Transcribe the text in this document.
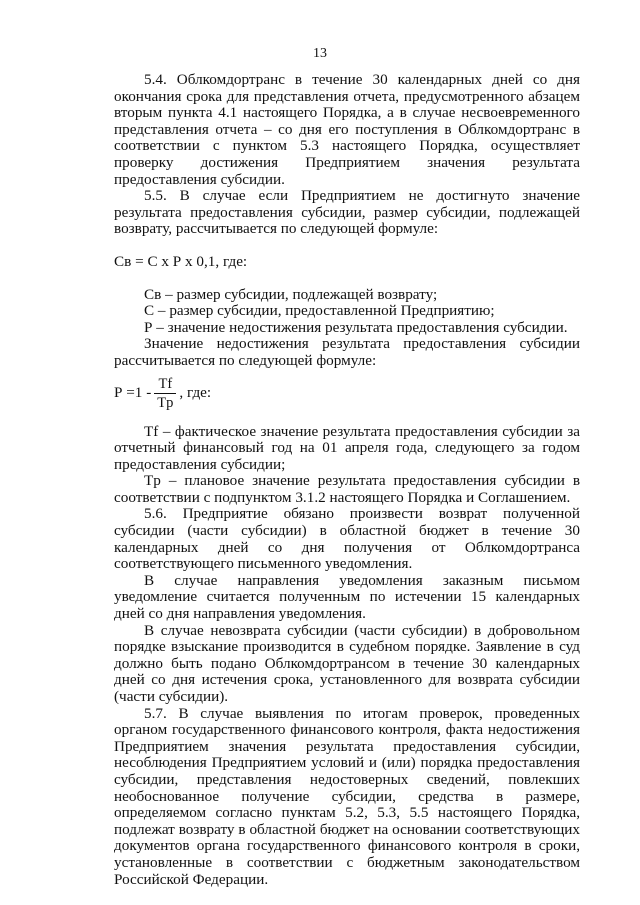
13

5.4. Облкомдортранс в течение 30 календарных дней со дня окончания срока для представления отчета, предусмотренного абзацем вторым пункта 4.1 настоящего Порядка, а в случае несвоевременного представления отчета – со дня его поступления в Облкомдортранс в соответствии с пунктом 5.3 настоящего Порядка, осуществляет проверку достижения Предприятием значения результата предоставления субсидии.

5.5. В случае если Предприятием не достигнуто значение результата предоставления субсидии, размер субсидии, подлежащей возврату, рассчитывается по следующей формуле:

Св = С х Р х 0,1, где:

Св – размер субсидии, подлежащей возврату;

С – размер субсидии, предоставленной Предприятию;

Р – значение недостижения результата предоставления субсидии.

Значение недостижения результата предоставления субсидии рассчитывается по следующей формуле:

$Р =1 - \frac{Tf}{Tp}$ , где:

Tf – фактическое значение результата предоставления субсидии за отчетный финансовый год на 01 апреля года, следующего за годом предоставления субсидии;

Tp – плановое значение результата предоставления субсидии в соответствии с подпунктом 3.1.2 настоящего Порядка и Соглашением.

5.6. Предприятие обязано произвести возврат полученной субсидии (части субсидии) в областной бюджет в течение 30 календарных дней со дня получения от Облкомдортранса соответствующего письменного уведомления.

В случае направления уведомления заказным письмом уведомление считается полученным по истечении 15 календарных дней со дня направления уведомления.

В случае невозврата субсидии (части субсидии) в добровольном порядке взыскание производится в судебном порядке. Заявление в суд должно быть подано Облкомдортрансом в течение 30 календарных дней со дня истечения срока, установленного для возврата субсидии (части субсидии).

5.7. В случае выявления по итогам проверок, проведенных органом государственного финансового контроля, факта недостижения Предприятием значения результата предоставления субсидии, несоблюдения Предприятием условий и (или) порядка предоставления субсидии, представления недостоверных сведений, повлекших необоснованное получение субсидии, средства в размере, определяемом согласно пунктам 5.2, 5.3, 5.5 настоящего Порядка, подлежат возврату в областной бюджет на основании соответствующих документов органа государственного финансового контроля в сроки, установленные в соответствии с бюджетным законодательством Российской Федерации.
